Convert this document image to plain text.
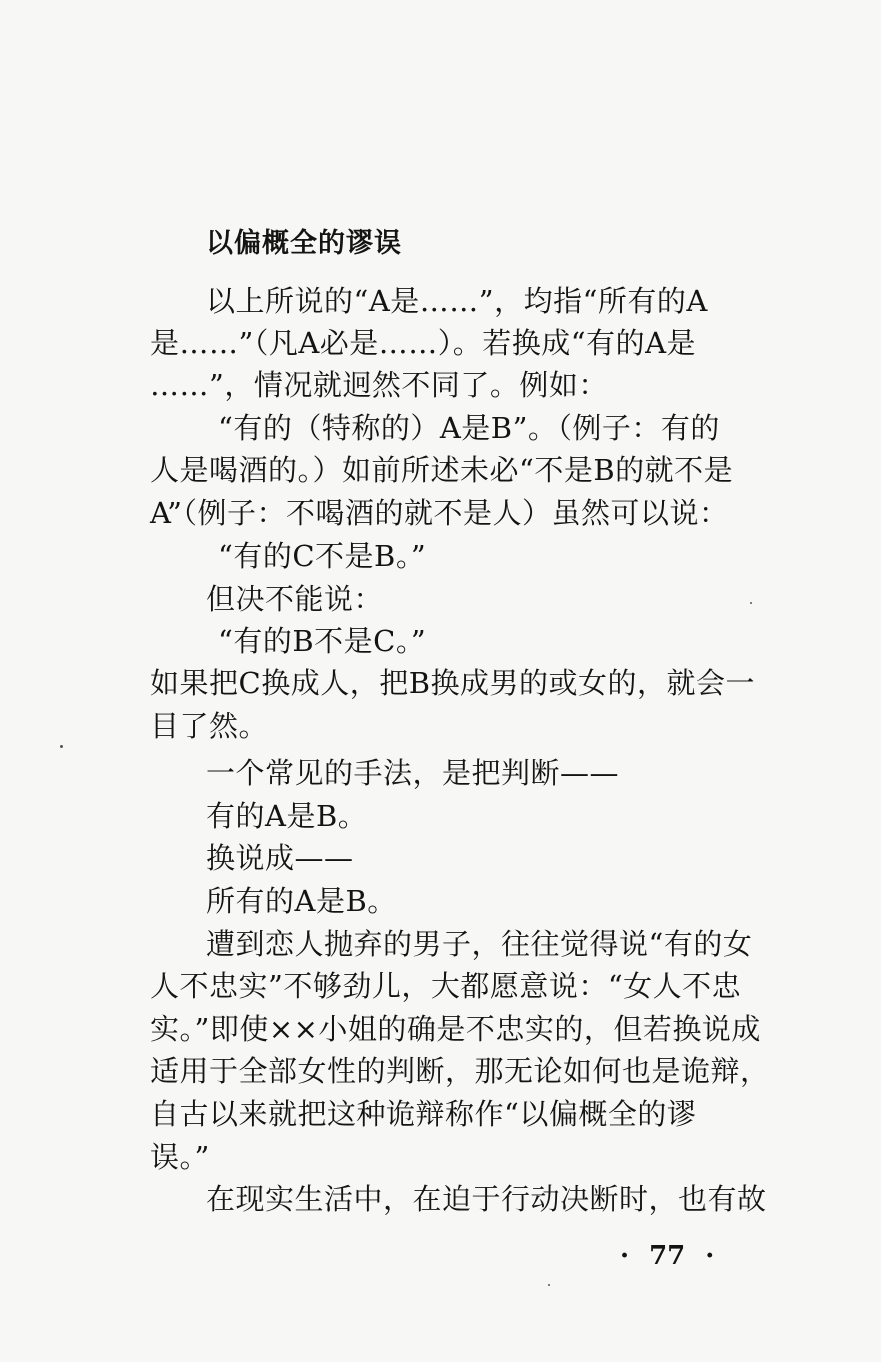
以偏概全的谬误
以上所说的“A是……”，均指“所有的A
是……”（凡A必是……）。若换成“有的A是
……”，情况就迥然不同了。例如：
“有的（特称的）A是B”。（例子：有的
人是喝酒的。）如前所述未必“不是B的就不是
A”（例子：不喝酒的就不是人）虽然可以说：
“有的C不是B。”
但决不能说：
“有的B不是C。”
如果把C换成人，把B换成男的或女的，就会一
目了然。
一个常见的手法，是把判断——
有的A是B。
换说成——
所有的A是B。
遭到恋人抛弃的男子，往往觉得说“有的女
人不忠实”不够劲儿，大都愿意说：“女人不忠
实。”即使××小姐的确是不忠实的，但若换说成
适用于全部女性的判断，那无论如何也是诡辩，
自古以来就把这种诡辩称作“以偏概全的谬
误。”
在现实生活中，在迫于行动决断时，也有故
· 77 ·
